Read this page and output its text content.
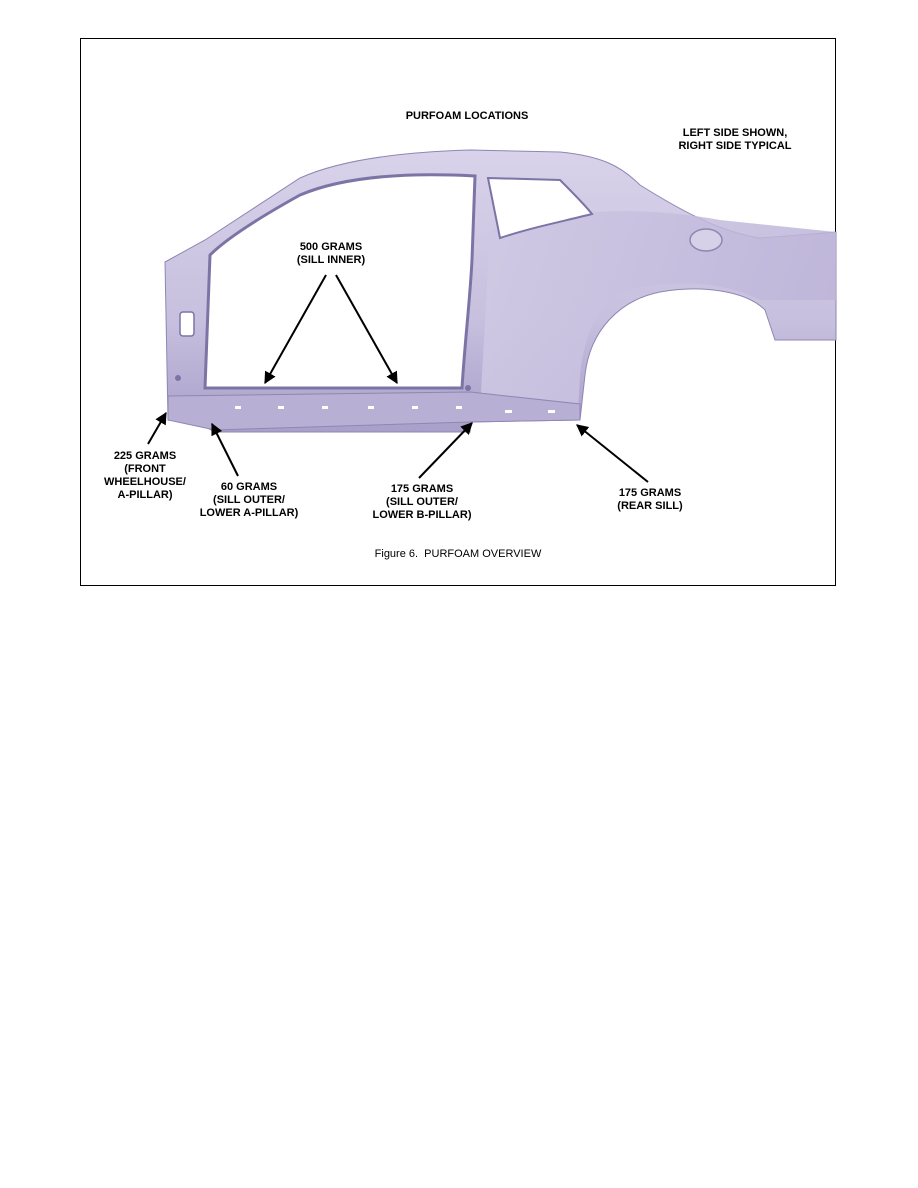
PURFOAM LOCATIONS
LEFT SIDE SHOWN,
RIGHT SIDE TYPICAL
500 GRAMS
(SILL INNER)
225 GRAMS
(FRONT
WHEELHOUSE/
A-PILLAR)
60 GRAMS
(SILL OUTER/
LOWER A-PILLAR)
175 GRAMS
(SILL OUTER/
LOWER B-PILLAR)
175 GRAMS
(REAR SILL)
Figure 6.  PURFOAM OVERVIEW
